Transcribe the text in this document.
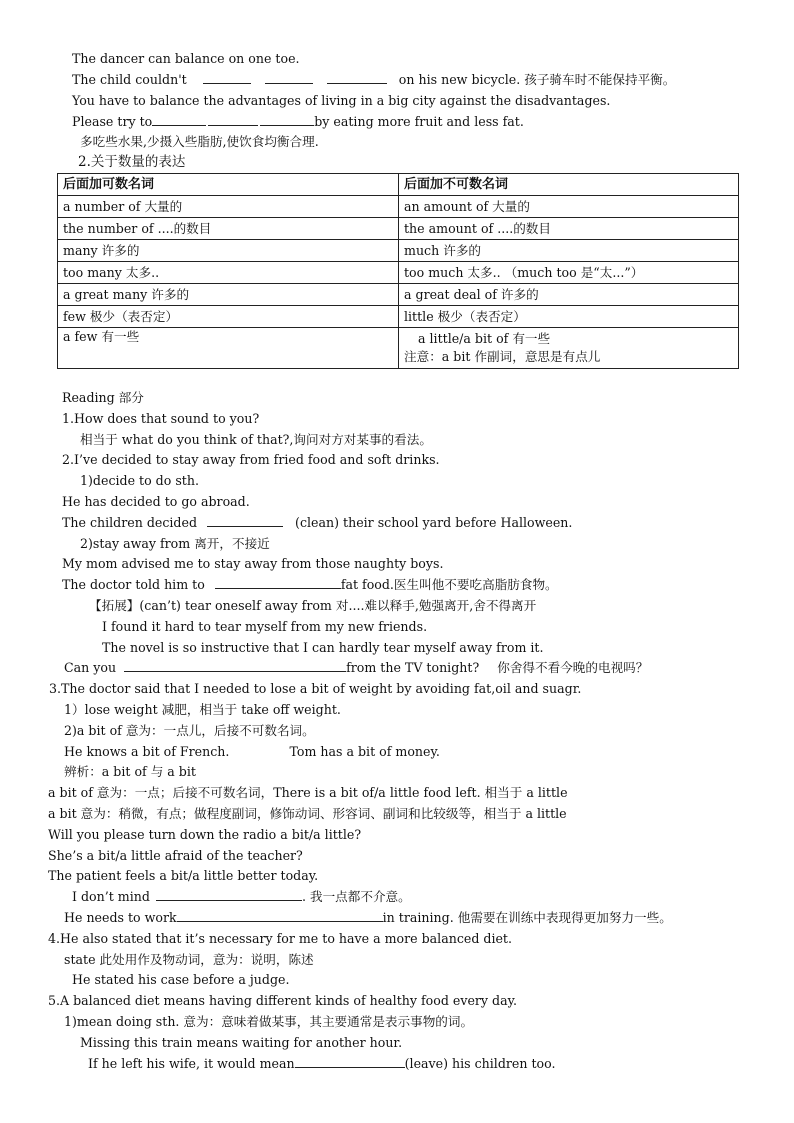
The dancer can balance on one toe.
The child couldn't	on his new bicycle. 孩子骑车时不能保持平衡。
You have to balance the advantages of living in a big city against the disadvantages.
Please try to	by eating more fruit and less fat.
多吃些水果,少摄入些脂肪,使饮食均衡合理.
2.关于数量的表达
后面加可数名词	后面加不可数名词
a number of 大量的	an amount of 大量的
the number of ....的数目	the amount of ....的数目
many 许多的	much 许多的
too many 太多..	too much 太多.. （much too 是“太...”）
a great many 许多的	a great deal of 许多的
few 极少（表否定）	little 极少（表否定）
a few 有一些	a little/a bit of 有一些
注意：a bit 作副词，意思是有点儿
Reading 部分
1.How does that sound to you?
相当于 what do you think of that?,询问对方对某事的看法。
2.I’ve decided to stay away from fried food and soft drinks.
1)decide to do sth.
He has decided to go abroad.
The children decided	(clean) their school yard before Halloween.
2)stay away from 离开，不接近
My mom advised me to stay away from those naughty boys.
The doctor told him to	fat food.医生叫他不要吃高脂肪食物。
【拓展】(can’t) tear oneself away from 对....难以释手,勉强离开,舍不得离开
I found it hard to tear myself from my new friends.
The novel is so instructive that I can hardly tear myself away from it.
Can you	from the TV tonight? 你舍得不看今晚的电视吗？
3.The doctor said that I needed to lose a bit of weight by avoiding fat,oil and suagr.
1）lose weight 减肥，相当于 take off weight.
2)a bit of 意为：一点儿，后接不可数名词。
He knows a bit of French.	Tom has a bit of money.
辨析：a bit of 与 a bit
a bit of 意为：一点；后接不可数名词，There is a bit of/a little food left. 相当于 a little
a bit 意为：稍微，有点；做程度副词，修饰动词、形容词、副词和比较级等，相当于 a little
Will you please turn down the radio a bit/a little?
She’s a bit/a little afraid of the teacher?
The patient feels a bit/a little better today.
I don’t mind	. 我一点都不介意。
He needs to work	in training. 他需要在训练中表现得更加努力一些。
4.He also stated that it’s necessary for me to have a more balanced diet.
state 此处用作及物动词，意为：说明，陈述
He stated his case before a judge.
5.A balanced diet means having different kinds of healthy food every day.
1)mean doing sth. 意为：意味着做某事，其主要通常是表示事物的词。
Missing this train means waiting for another hour.
If he left his wife, it would mean	(leave) his children too.
